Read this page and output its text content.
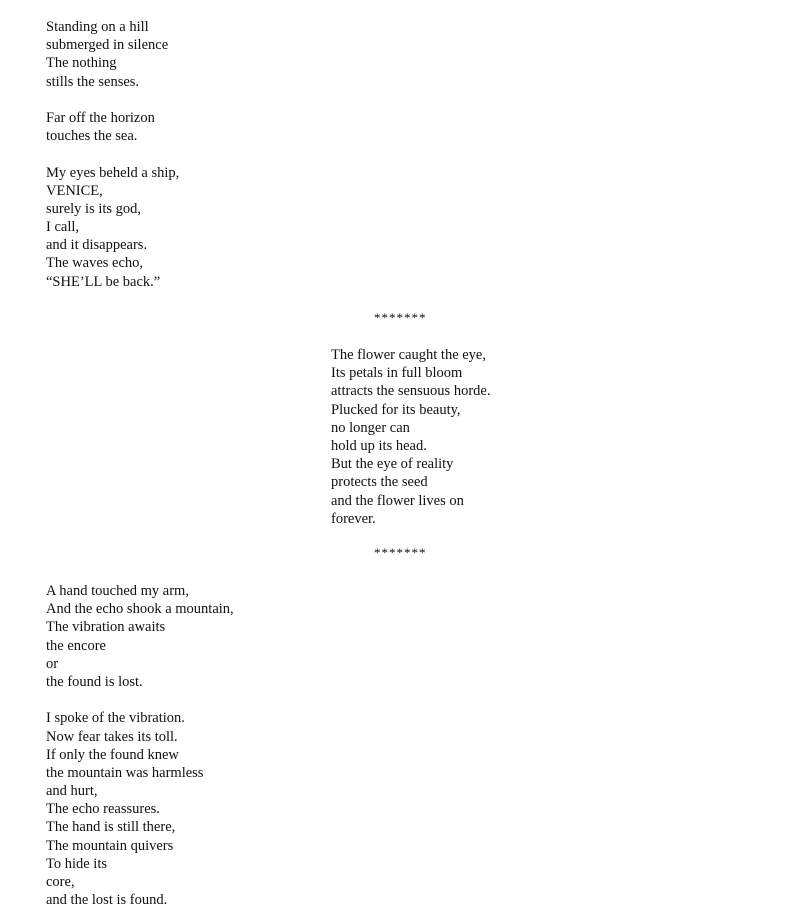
Standing on a hill
submerged in silence
The nothing
stills the senses.
Far off the horizon
touches the sea.
My eyes beheld a ship,
VENICE,
surely is its god,
I call,
and it disappears.
The waves echo,
“SHE’LL be back.”
*******
The flower caught the eye,
Its petals in full bloom
attracts the sensuous horde.
Plucked for its beauty,
no longer can
hold up its head.
But the eye of reality
protects the seed
and the flower lives on
forever.
*******
A hand touched my arm,
And the echo shook a mountain,
The vibration awaits
the encore
or
the found is lost.
I spoke of the vibration.
Now fear takes its toll.
If only the found knew
the mountain was harmless
and hurt,
The echo reassures.
The hand is still there,
The mountain quivers
To hide its
core,
and the lost is found.
